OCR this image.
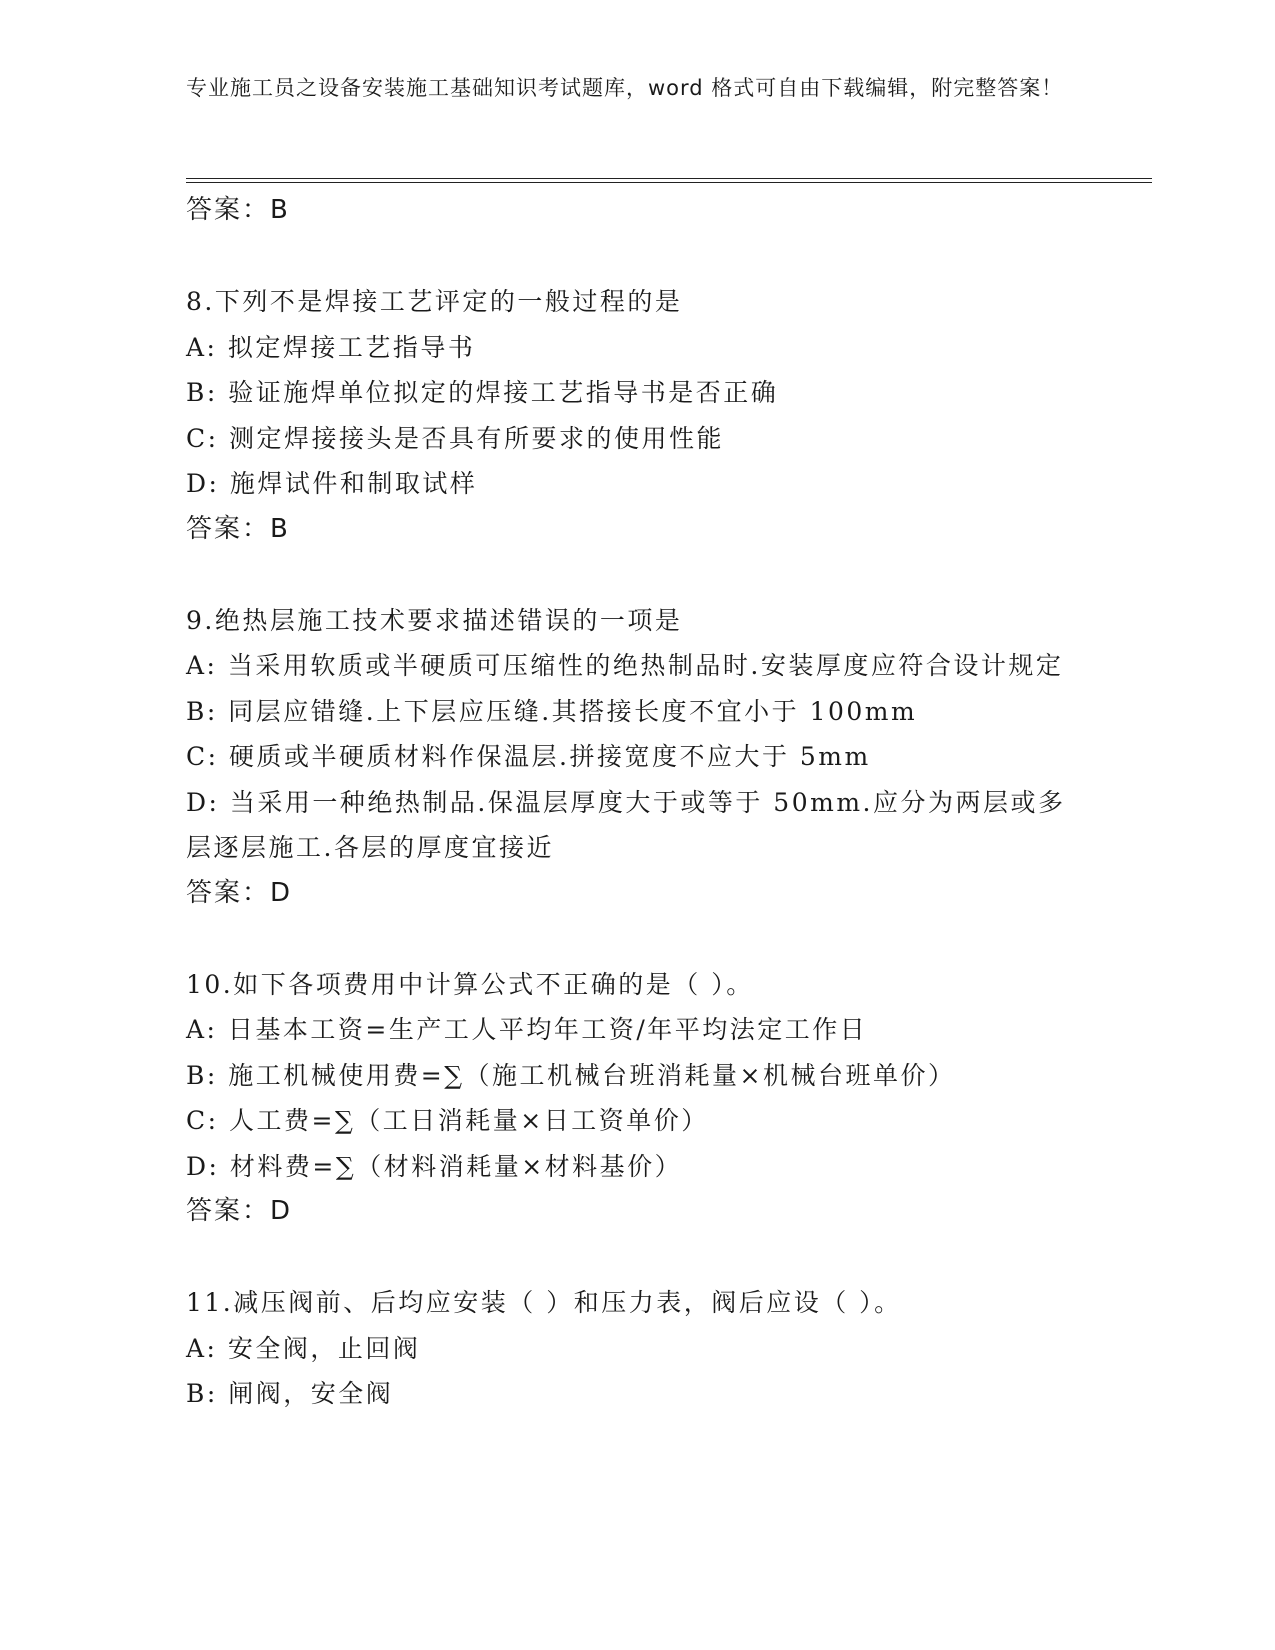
专业施工员之设备安装施工基础知识考试题库，word 格式可自由下载编辑，附完整答案！
答案：B
8.下列不是焊接工艺评定的一般过程的是
A: 拟定焊接工艺指导书
B: 验证施焊单位拟定的焊接工艺指导书是否正确
C: 测定焊接接头是否具有所要求的使用性能
D: 施焊试件和制取试样
答案：B
9.绝热层施工技术要求描述错误的一项是
A: 当采用软质或半硬质可压缩性的绝热制品时.安装厚度应符合设计规定
B: 同层应错缝.上下层应压缝.其搭接长度不宜小于 100mm
C: 硬质或半硬质材料作保温层.拼接宽度不应大于 5mm
D: 当采用一种绝热制品.保温层厚度大于或等于 50mm.应分为两层或多层逐层施工.各层的厚度宜接近
答案：D
10.如下各项费用中计算公式不正确的是（ ）。
A: 日基本工资=生产工人平均年工资/年平均法定工作日
B: 施工机械使用费=∑（施工机械台班消耗量×机械台班单价）
C: 人工费=∑（工日消耗量×日工资单价）
D: 材料费=∑（材料消耗量×材料基价）
答案：D
11.减压阀前、后均应安装（ ）和压力表，阀后应设（ ）。
A: 安全阀，止回阀
B: 闸阀，安全阀
